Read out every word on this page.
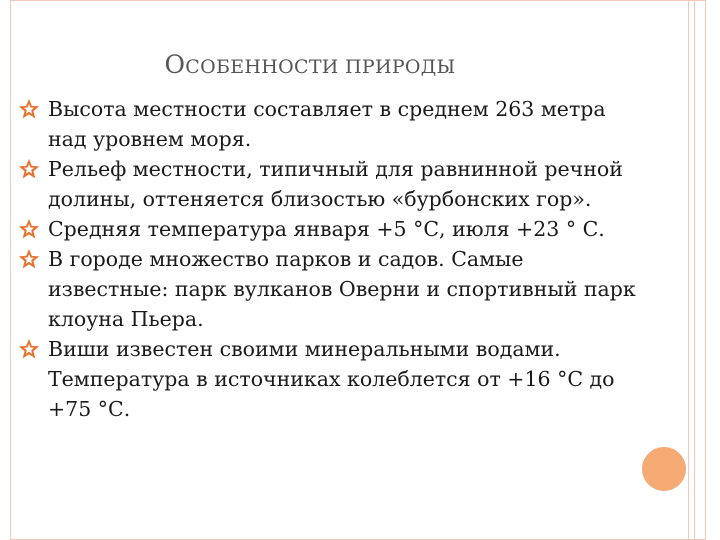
ОСОБЕННОСТИ ПРИРОДЫ
Высота местности составляет в среднем 263 метра над уровнем моря.
Рельеф местности, типичный для равнинной речной долины, оттеняется близостью «бурбонских гор».
Средняя температура января +5 °С, июля +23 ° С.
В городе множество парков и садов. Самые известные: парк вулканов Оверни и спортивный парк клоуна Пьера.
Виши известен своими минеральными водами. Температура в источниках колеблется от +16 °С до +75 °С.
